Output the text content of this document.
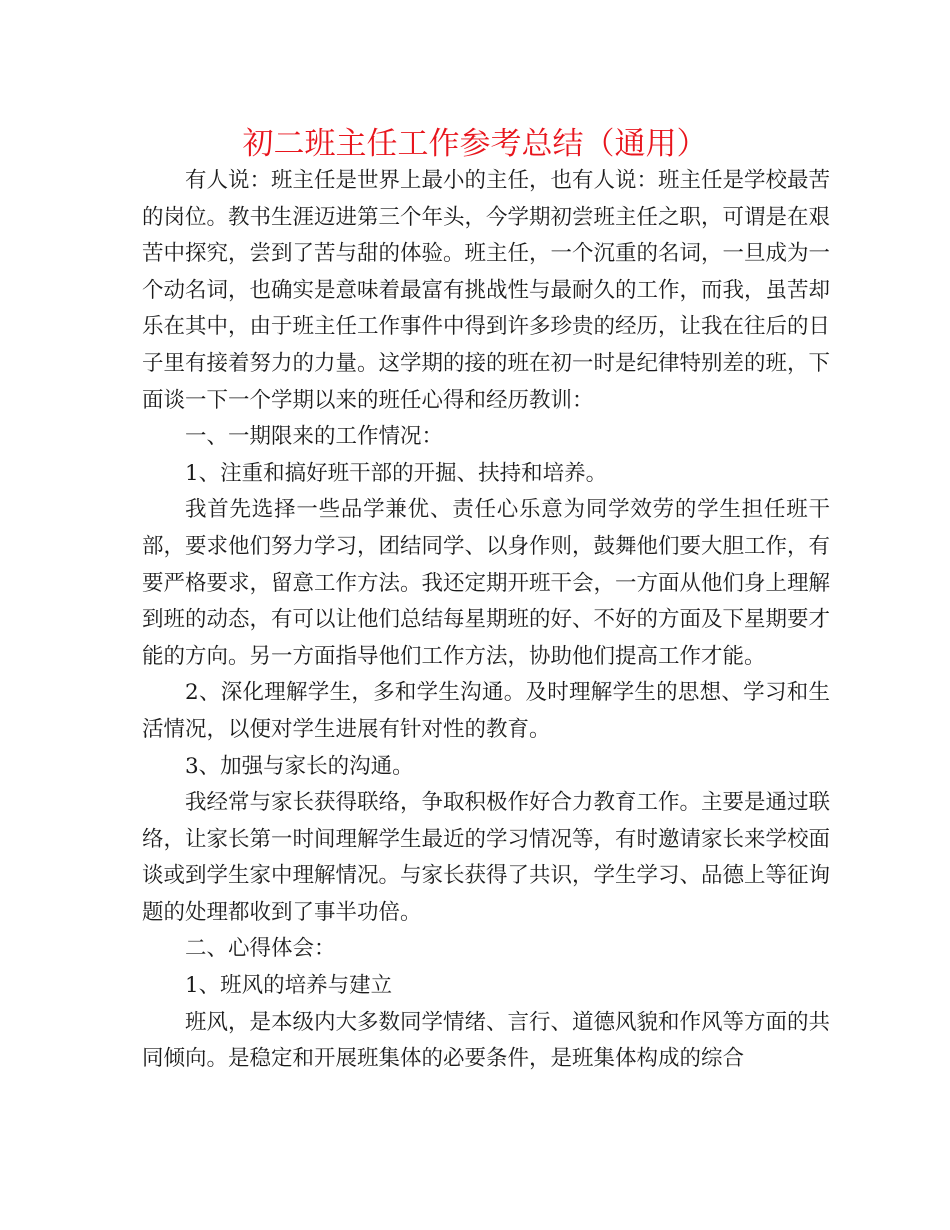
初二班主任工作参考总结（通用）

有人说：班主任是世界上最小的主任，也有人说：班主任是学校最苦的岗位。教书生涯迈进第三个年头，今学期初尝班主任之职，可谓是在艰苦中探究，尝到了苦与甜的体验。班主任，一个沉重的名词，一旦成为一个动名词，也确实是意味着最富有挑战性与最耐久的工作，而我，虽苦却乐在其中，由于班主任工作事件中得到许多珍贵的经历，让我在往后的日子里有接着努力的力量。这学期的接的班在初一时是纪律特别差的班，下面谈一下一个学期以来的班任心得和经历教训：

一、一期限来的工作情况：

1、注重和搞好班干部的开掘、扶持和培养。

我首先选择一些品学兼优、责任心乐意为同学效劳的学生担任班干部，要求他们努力学习，团结同学、以身作则，鼓舞他们要大胆工作，有要严格要求，留意工作方法。我还定期开班干会，一方面从他们身上理解到班的动态，有可以让他们总结每星期班的好、不好的方面及下星期要才能的方向。另一方面指导他们工作方法，协助他们提高工作才能。

2、深化理解学生，多和学生沟通。及时理解学生的思想、学习和生活情况，以便对学生进展有针对性的教育。

3、加强与家长的沟通。

我经常与家长获得联络，争取积极作好合力教育工作。主要是通过联络，让家长第一时间理解学生最近的学习情况等，有时邀请家长来学校面谈或到学生家中理解情况。与家长获得了共识，学生学习、品德上等征询题的处理都收到了事半功倍。

二、心得体会：

1、班风的培养与建立

班风，是本级内大多数同学情绪、言行、道德风貌和作风等方面的共同倾向。是稳定和开展班集体的必要条件，是班集体构成的综合
